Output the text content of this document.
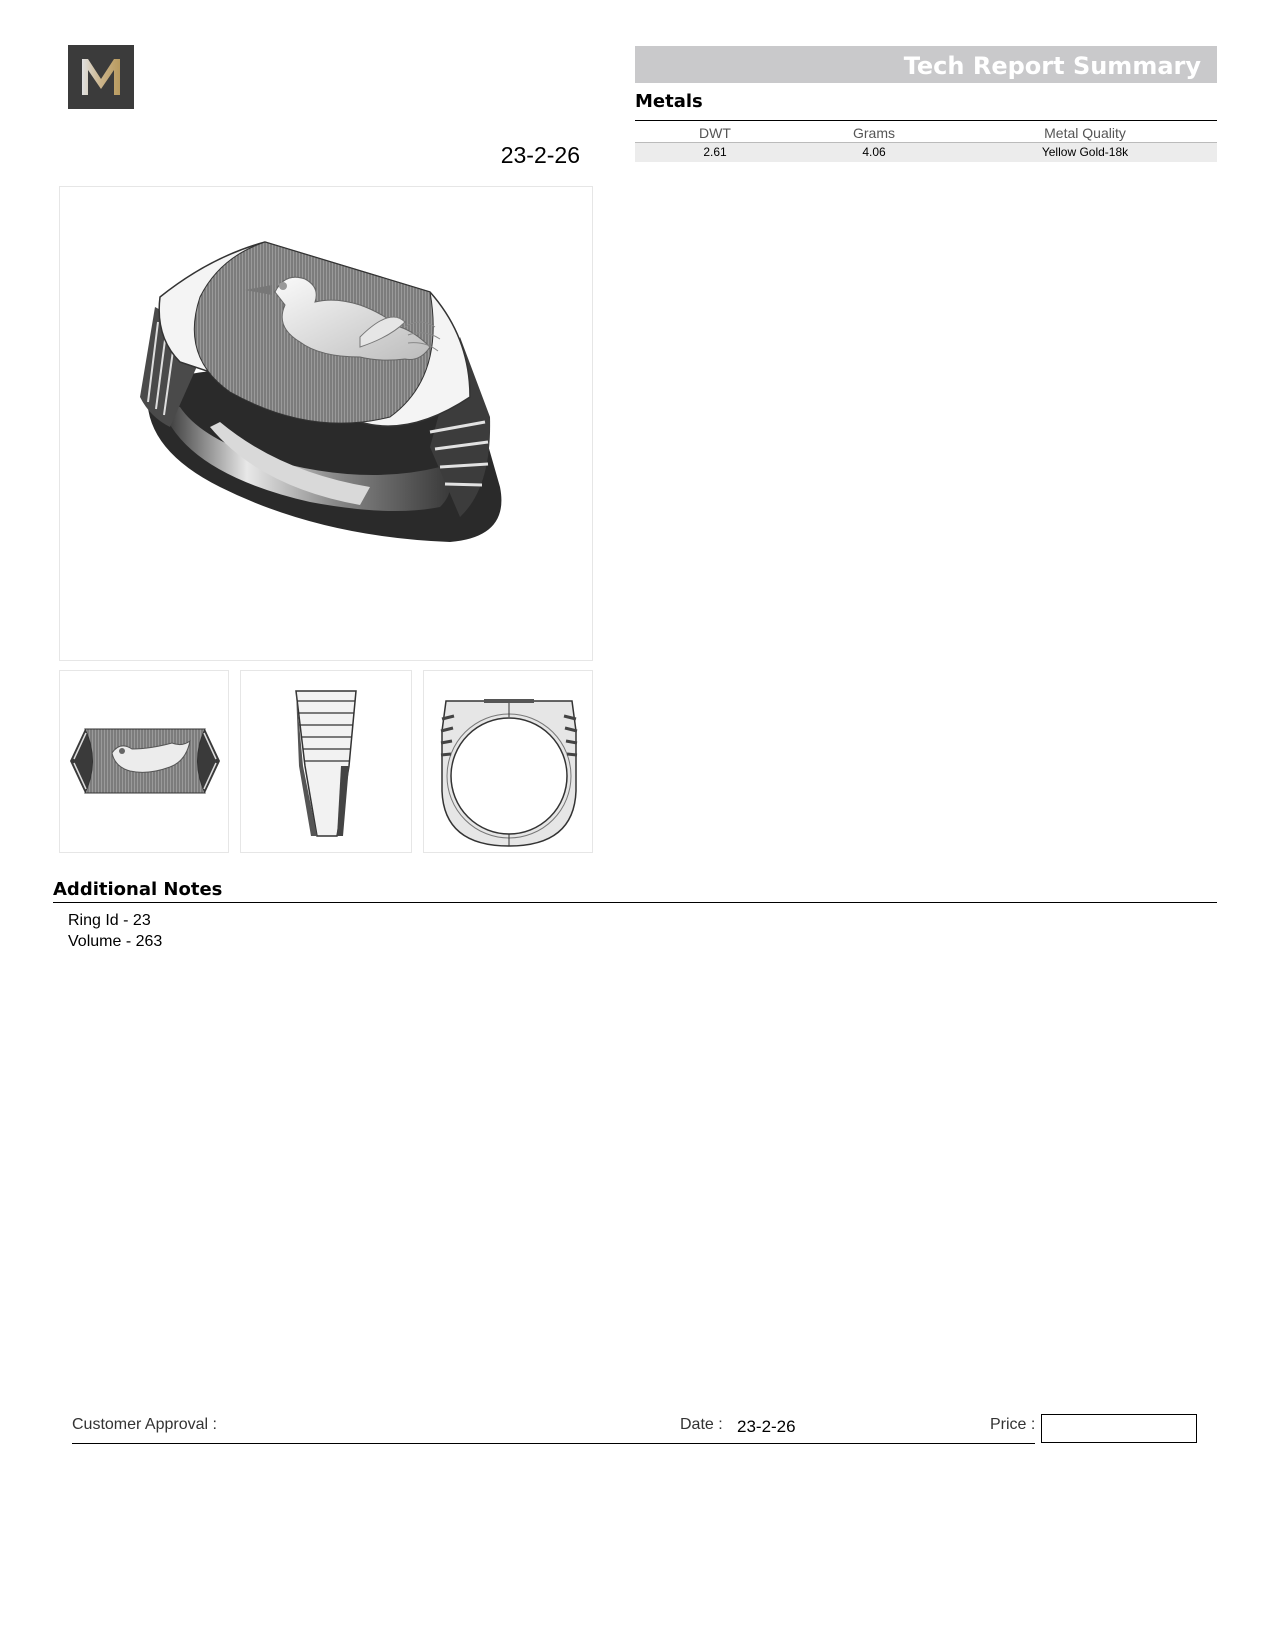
23-2-26
Tech Report Summary
Metals
DWT	Grams	Metal Quality
2.61	4.06	Yellow Gold-18k
Additional Notes
Ring Id - 23
Volume - 263
Customer Approval :	Date : 23-2-26	Price :
